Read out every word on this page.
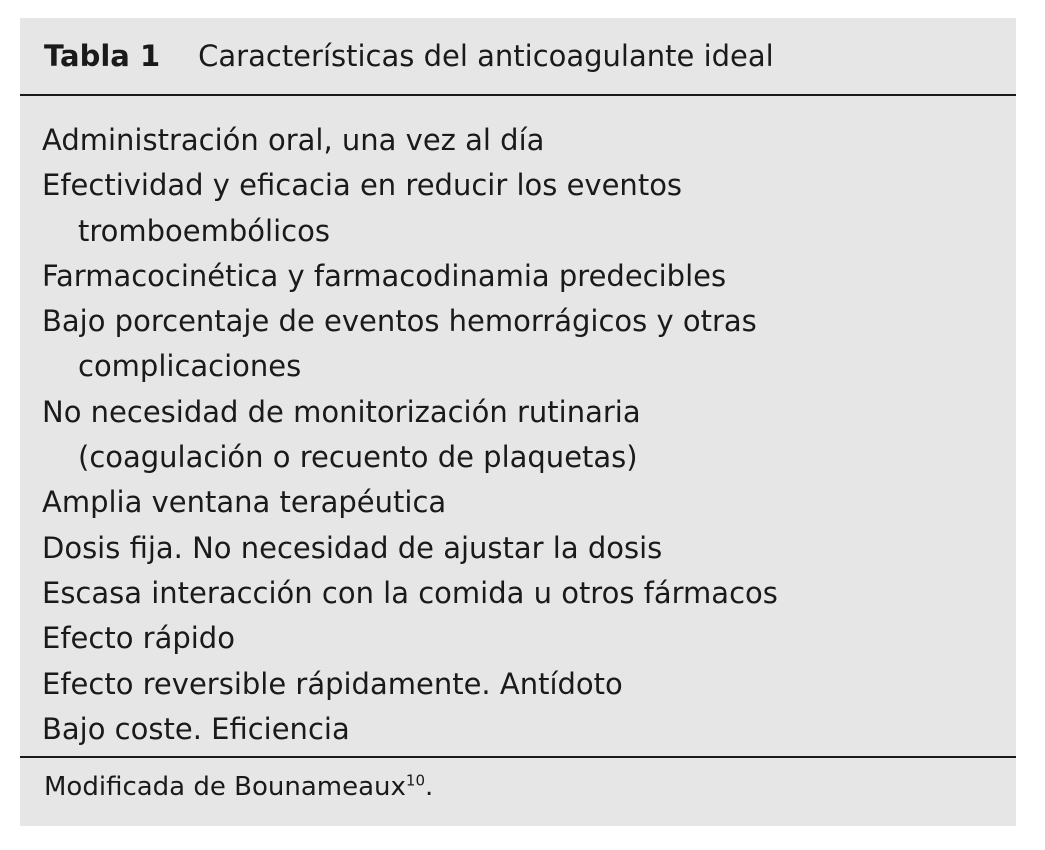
Tabla 1 Características del anticoagulante ideal
Administración oral, una vez al día
Efectividad y eficacia en reducir los eventos
tromboembólicos
Farmacocinética y farmacodinamia predecibles
Bajo porcentaje de eventos hemorrágicos y otras
complicaciones
No necesidad de monitorización rutinaria
(coagulación o recuento de plaquetas)
Amplia ventana terapéutica
Dosis fija. No necesidad de ajustar la dosis
Escasa interacción con la comida u otros fármacos
Efecto rápido
Efecto reversible rápidamente. Antídoto
Bajo coste. Eficiencia
Modificada de Bounameaux$^{10}$.
